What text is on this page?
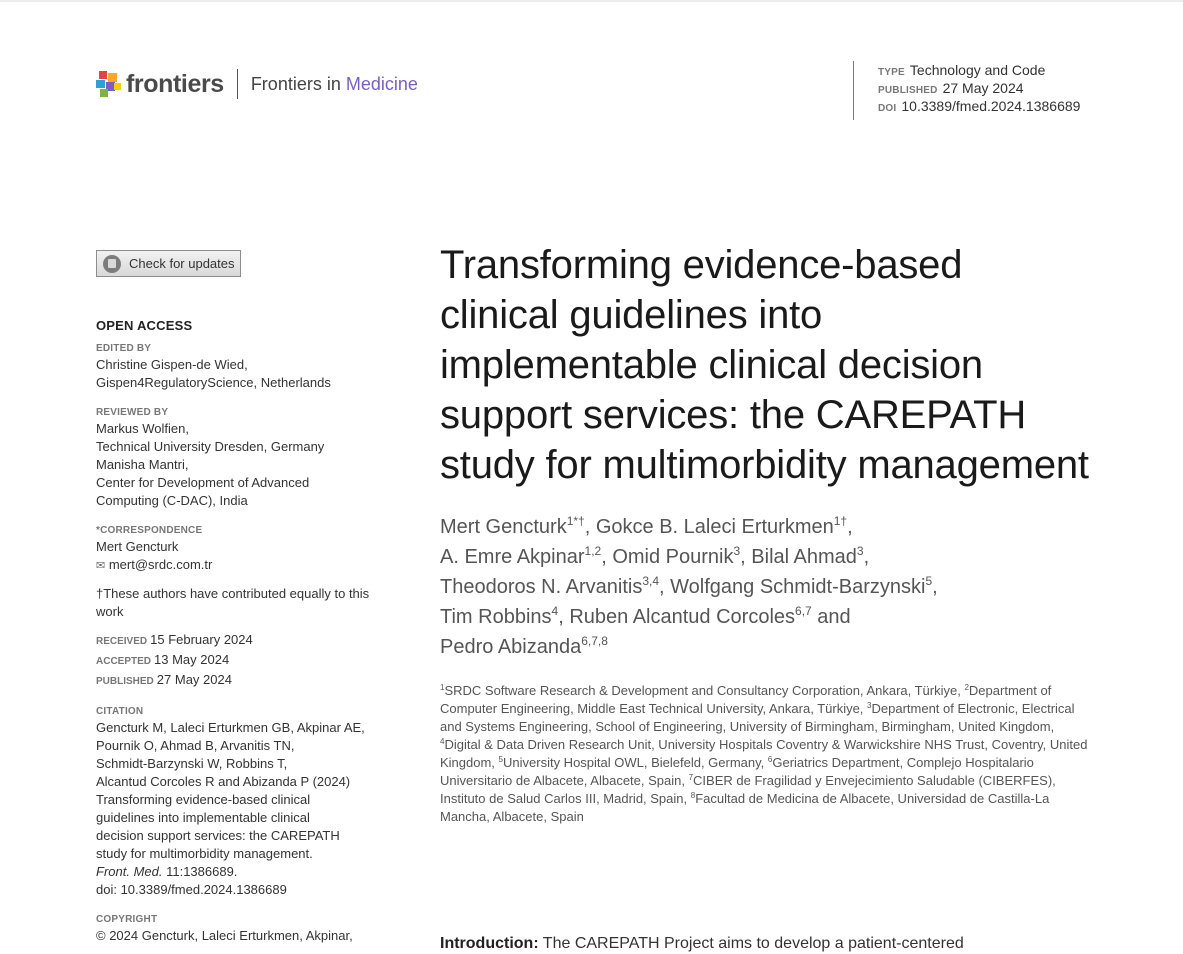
frontiers Frontiers in Medicine
TYPE Technology and Code
PUBLISHED 27 May 2024
DOI 10.3389/fmed.2024.1386689
Check for updates
OPEN ACCESS
EDITED BY
Christine Gispen-de Wied,
Gispen4RegulatoryScience, Netherlands
REVIEWED BY
Markus Wolfien,
Technical University Dresden, Germany
Manisha Mantri,
Center for Development of Advanced
Computing (C-DAC), India
*CORRESPONDENCE
Mert Gencturk
✉ mert@srdc.com.tr
†These authors have contributed equally to this work
RECEIVED 15 February 2024
ACCEPTED 13 May 2024
PUBLISHED 27 May 2024
CITATION
Gencturk M, Laleci Erturkmen GB, Akpinar AE,
Pournik O, Ahmad B, Arvanitis TN,
Schmidt-Barzynski W, Robbins T,
Alcantud Corcoles R and Abizanda P (2024)
Transforming evidence-based clinical
guidelines into implementable clinical
decision support services: the CAREPATH
study for multimorbidity management.
Front. Med. 11:1386689.
doi: 10.3389/fmed.2024.1386689
COPYRIGHT
© 2024 Gencturk, Laleci Erturkmen, Akpinar,
Transforming evidence-based clinical guidelines into implementable clinical decision support services: the CAREPATH study for multimorbidity management
Mert Gencturk$^{1*\dagger}$, Gokce B. Laleci Erturkmen$^{1\dagger}$,
A. Emre Akpinar$^{1,2}$, Omid Pournik$^3$, Bilal Ahmad$^3$,
Theodoros N. Arvanitis$^{3,4}$, Wolfgang Schmidt-Barzynski$^5$,
Tim Robbins$^4$, Ruben Alcantud Corcoles$^{6,7}$ and
Pedro Abizanda$^{6,7,8}$
$^1$SRDC Software Research & Development and Consultancy Corporation, Ankara, Türkiye, $^2$Department of Computer Engineering, Middle East Technical University, Ankara, Türkiye, $^3$Department of Electronic, Electrical and Systems Engineering, School of Engineering, University of Birmingham, Birmingham, United Kingdom, $^4$Digital & Data Driven Research Unit, University Hospitals Coventry & Warwickshire NHS Trust, Coventry, United Kingdom, $^5$University Hospital OWL, Bielefeld, Germany, $^6$Geriatrics Department, Complejo Hospitalario Universitario de Albacete, Albacete, Spain, $^7$CIBER de Fragilidad y Envejecimiento Saludable (CIBERFES), Instituto de Salud Carlos III, Madrid, Spain, $^8$Facultad de Medicina de Albacete, Universidad de Castilla-La Mancha, Albacete, Spain
Introduction: The CAREPATH Project aims to develop a patient-centered
